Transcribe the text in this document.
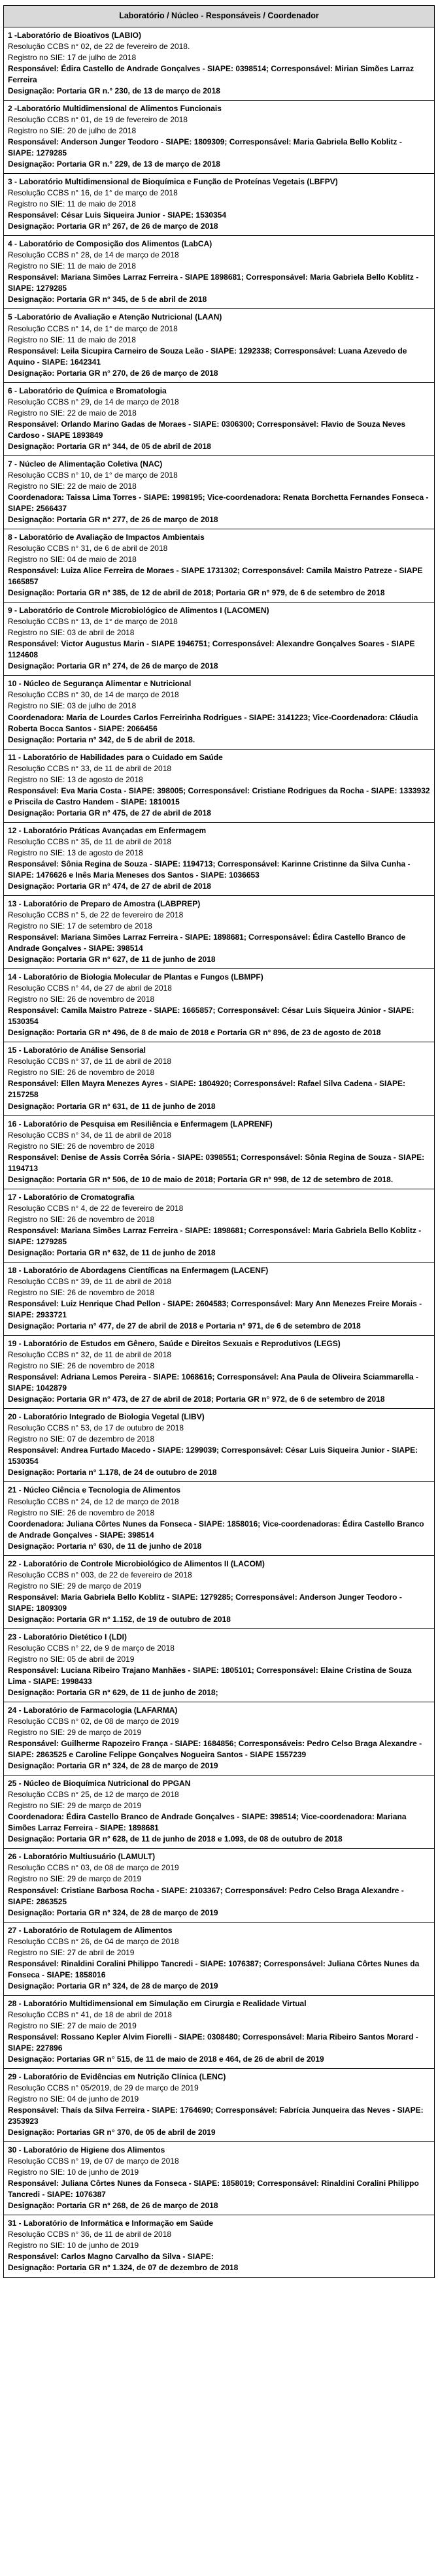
Laboratório / Núcleo - Responsáveis / Coordenador
1 -Laboratório de Bioativos (LABIO)
Resolução CCBS n° 02, de 22 de fevereiro de 2018.
Registro no SIE: 17 de julho de 2018
Responsável: Édira Castello de Andrade Gonçalves - SIAPE: 0398514; Corresponsável: Mirian Simões Larraz Ferreira
Designação: Portaria GR n.° 230, de 13 de março de 2018
2 -Laboratório Multidimensional de Alimentos Funcionais
Resolução CCBS n° 01, de 19 de fevereiro de 2018
Registro no SIE: 20 de julho de 2018
Responsável: Anderson Junger Teodoro - SIAPE: 1809309; Corresponsável: Maria Gabriela Bello Koblitz - SIAPE: 1279285
Designação: Portaria GR n.° 229, de 13 de março de 2018
3 - Laboratório Multidimensional de Bioquímica e Função de Proteínas Vegetais (LBFPV)
Resolução CCBS n° 16, de 1° de março de 2018
Registro no SIE: 11 de maio de 2018
Responsável: César Luis Siqueira Junior - SIAPE: 1530354
Designação: Portaria GR n° 267, de 26 de março de 2018
4 - Laboratório de Composição dos Alimentos (LabCA)
Resolução CCBS n° 28, de 14 de março de 2018
Registro no SIE: 11 de maio de 2018
Responsável: Mariana Simões Larraz Ferreira - SIAPE 1898681; Corresponsável: Maria Gabriela Bello Koblitz - SIAPE: 1279285
Designação: Portaria GR n° 345, de 5 de abril de 2018
5 -Laboratório de Avaliação e Atenção Nutricional (LAAN)
Resolução CCBS n° 14, de 1° de março de 2018
Registro no SIE: 11 de maio de 2018
Responsável: Leila Sicupira Carneiro de Souza Leão - SIAPE: 1292338; Corresponsável: Luana Azevedo de Aquino - SIAPE: 1642341
Designação: Portaria GR n° 270, de 26 de março de 2018
6 - Laboratório de Química e Bromatologia
Resolução CCBS n° 29, de 14 de março de 2018
Registro no SIE: 22 de maio de 2018
Responsável: Orlando Marino Gadas de Moraes - SIAPE: 0306300; Corresponsável: Flavio de Souza Neves Cardoso - SIAPE 1893849
Designação: Portaria GR n° 344, de 05 de abril de 2018
7 - Núcleo de Alimentação Coletiva (NAC)
Resolução CCBS n° 10, de 1° de março de 2018
Registro no SIE: 22 de maio de 2018
Coordenadora: Taissa Lima Torres - SIAPE: 1998195; Vice-coordenadora: Renata Borchetta Fernandes Fonseca - SIAPE: 2566437
Designação: Portaria GR n° 277, de 26 de março de 2018
8 - Laboratório de Avaliação de Impactos Ambientais
Resolução CCBS n° 31, de 6 de abril de 2018
Registro no SIE: 04 de maio de 2018
Responsável: Luiza Alice Ferreira de Moraes - SIAPE 1731302; Corresponsável: Camila Maistro Patreze - SIAPE 1665857
Designação: Portaria GR n° 385, de 12 de abril de 2018; Portaria GR n° 979, de 6 de setembro de 2018
9 - Laboratório de Controle Microbiológico de Alimentos I (LACOMEN)
Resolução CCBS n° 13, de 1° de março de 2018
Registro no SIE: 03 de abril de 2018
Responsável: Victor Augustus Marin - SIAPE 1946751; Corresponsável: Alexandre Gonçalves Soares - SIAPE 1124608
Designação: Portaria GR n° 274, de 26 de março de 2018
10 - Núcleo de Segurança Alimentar e Nutricional
Resolução CCBS n° 30, de 14 de março de 2018
Registro no SIE: 03 de julho de 2018
Coordenadora: Maria de Lourdes Carlos Ferreirinha Rodrigues - SIAPE: 3141223; Vice-Coordenadora: Cláudia Roberta Bocca Santos - SIAPE: 2066456
Designação: Portaria n° 342, de 5 de abril de 2018.
11 - Laboratório de Habilidades para o Cuidado em Saúde
Resolução CCBS n° 33, de 11 de abril de 2018
Registro no SIE: 13 de agosto de 2018
Responsável: Eva Maria Costa - SIAPE: 398005; Corresponsável: Cristiane Rodrigues da Rocha - SIAPE: 1333932 e Priscila de Castro Handem - SIAPE: 1810015
Designação: Portaria GR n° 475, de 27 de abril de 2018
12 - Laboratório Práticas Avançadas em Enfermagem
Resolução CCBS n° 35, de 11 de abril de 2018
Registro no SIE: 13 de agosto de 2018
Responsável: Sônia Regina de Souza - SIAPE: 1194713; Corresponsável: Karinne Cristinne da Silva Cunha - SIAPE: 1476626 e Inês Maria Meneses dos Santos - SIAPE: 1036653
Designação: Portaria GR n° 474, de 27 de abril de 2018
13 - Laboratório de Preparo de Amostra (LABPREP)
Resolução CCBS n° 5, de 22 de fevereiro de 2018
Registro no SIE: 17 de setembro de 2018
Responsável: Mariana Simões Larraz Ferreira - SIAPE: 1898681; Corresponsável: Édira Castello Branco de Andrade Gonçalves - SIAPE: 398514
Designação: Portaria GR n° 627, de 11 de junho de 2018
14 - Laboratório de Biologia Molecular de Plantas e Fungos (LBMPF)
Resolução CCBS n° 44, de 27 de abril de 2018
Registro no SIE: 26 de novembro de 2018
Responsável: Camila Maistro Patreze - SIAPE: 1665857; Corresponsável: César Luis Siqueira Júnior - SIAPE: 1530354
Designação: Portaria GR n° 496, de 8 de maio de 2018 e Portaria GR n° 896, de 23 de agosto de 2018
15 - Laboratório de Análise Sensorial
Resolução CCBS n° 37, de 11 de abril de 2018
Registro no SIE: 26 de novembro de 2018
Responsável: Ellen Mayra Menezes Ayres - SIAPE: 1804920; Corresponsável: Rafael Silva Cadena - SIAPE: 2157258
Designação: Portaria GR n° 631, de 11 de junho de 2018
16 - Laboratório de Pesquisa em Resiliência e Enfermagem (LAPRENF)
Resolução CCBS n° 34, de 11 de abril de 2018
Registro no SIE: 26 de novembro de 2018
Responsável: Denise de Assis Corrêa Sória - SIAPE: 0398551; Corresponsável: Sônia Regina de Souza - SIAPE: 1194713
Designação: Portaria GR n° 506, de 10 de maio de 2018; Portaria GR n° 998, de 12 de setembro de 2018.
17 - Laboratório de Cromatografia
Resolução CCBS n° 4, de 22 de fevereiro de 2018
Registro no SIE: 26 de novembro de 2018
Responsável: Mariana Simões Larraz Ferreira - SIAPE: 1898681; Corresponsável: Maria Gabriela Bello Koblitz - SIAPE: 1279285
Designação: Portaria GR n° 632, de 11 de junho de 2018
18 - Laboratório de Abordagens Científicas na Enfermagem (LACENF)
Resolução CCBS n° 39, de 11 de abril de 2018
Registro no SIE: 26 de novembro de 2018
Responsável: Luiz Henrique Chad Pellon - SIAPE: 2604583; Corresponsável: Mary Ann Menezes Freire Morais - SIAPE: 2933721
Designação: Portaria n° 477, de 27 de abril de 2018 e Portaria n° 971, de 6 de setembro de 2018
19 - Laboratório de Estudos em Gênero, Saúde e Direitos Sexuais e Reprodutivos (LEGS)
Resolução CCBS n° 32, de 11 de abril de 2018
Registro no SIE: 26 de novembro de 2018
Responsável: Adriana Lemos Pereira - SIAPE: 1068616; Corresponsável: Ana Paula de Oliveira Sciammarella - SIAPE: 1042879
Designação: Portaria GR n° 473, de 27 de abril de 2018; Portaria GR n° 972, de 6 de setembro de 2018
20 - Laboratório Integrado de Biologia Vegetal (LIBV)
Resolução CCBS n° 53, de 17 de outubro de 2018
Registro no SIE: 07 de dezembro de 2018
Responsável: Andrea Furtado Macedo - SIAPE: 1299039; Corresponsável: César Luis Siqueira Junior - SIAPE: 1530354
Designação: Portaria n° 1.178, de 24 de outubro de 2018
21 - Núcleo Ciência e Tecnologia de Alimentos
Resolução CCBS n° 24, de 12 de março de 2018
Registro no SIE: 26 de novembro de 2018
Coordenadora: Juliana Côrtes Nunes da Fonseca - SIAPE: 1858016; Vice-coordenadoras: Édira Castello Branco de Andrade Gonçalves - SIAPE: 398514
Designação: Portaria n° 630, de 11 de junho de 2018
22 - Laboratório de Controle Microbiológico de Alimentos II (LACOM)
Resolução CCBS n° 003, de 22 de fevereiro de 2018
Registro no SIE: 29 de março de 2019
Responsável: Maria Gabriela Bello Koblitz - SIAPE: 1279285; Corresponsável: Anderson Junger Teodoro - SIAPE: 1809309
Designação: Portaria GR n° 1.152, de 19 de outubro de 2018
23 - Laboratório Dietético I (LDI)
Resolução CCBS n° 22, de 9 de março de 2018
Registro no SIE: 05 de abril de 2019
Responsável: Luciana Ribeiro Trajano Manhães - SIAPE: 1805101; Corresponsável: Elaine Cristina de Souza Lima - SIAPE: 1998433
Designação: Portaria GR n° 629, de 11 de junho de 2018;
24 - Laboratório de Farmacologia (LAFARMA)
Resolução CCBS n° 02, de 08 de março de 2019
Registro no SIE: 29 de março de 2019
Responsável: Guilherme Rapozeiro França - SIAPE: 1684856; Corresponsáveis: Pedro Celso Braga Alexandre - SIAPE: 2863525 e Caroline Felippe Gonçalves Nogueira Santos - SIAPE 1557239
Designação: Portaria GR n° 324, de 28 de março de 2019
25 - Núcleo de Bioquímica Nutricional do PPGAN
Resolução CCBS n° 25, de 12 de março de 2018
Registro no SIE: 29 de março de 2019
Coordenadora: Édira Castello Branco de Andrade Gonçalves - SIAPE: 398514; Vice-coordenadora: Mariana Simões Larraz Ferreira - SIAPE: 1898681
Designação: Portaria GR n° 628, de 11 de junho de 2018 e 1.093, de 08 de outubro de 2018
26 - Laboratório Multiusuário (LAMULT)
Resolução CCBS n° 03, de 08 de março de 2019
Registro no SIE: 29 de março de 2019
Responsável: Cristiane Barbosa Rocha - SIAPE: 2103367; Corresponsável: Pedro Celso Braga Alexandre - SIAPE: 2863525
Designação: Portaria GR n° 324, de 28 de março de 2019
27 - Laboratório de Rotulagem de Alimentos
Resolução CCBS n° 26, de 04 de março de 2018
Registro no SIE: 27 de abril de 2019
Responsável: Rinaldini Coralini Philippo Tancredi - SIAPE: 1076387; Corresponsável: Juliana Côrtes Nunes da Fonseca - SIAPE: 1858016
Designação: Portaria GR n° 324, de 28 de março de 2019
28 - Laboratório Multidimensional em Simulação em Cirurgia e Realidade Virtual
Resolução CCBS n° 41, de 18 de abril de 2018
Registro no SIE: 27 de maio de 2019
Responsável: Rossano Kepler Alvim Fiorelli - SIAPE: 0308480; Corresponsável: Maria Ribeiro Santos Morard - SIAPE: 227896
Designação: Portarias GR n° 515, de 11 de maio de 2018 e 464, de 26 de abril de 2019
29 - Laboratório de Evidências em Nutrição Clínica (LENC)
Resolução CCBS n° 05/2019, de 29 de março de 2019
Registro no SIE: 04 de junho de 2019
Responsável: Thaís da Silva Ferreira - SIAPE: 1764690; Corresponsável: Fabrícia Junqueira das Neves - SIAPE: 2353923
Designação: Portarias GR n° 370, de 05 de abril de 2019
30 - Laboratório de Higiene dos Alimentos
Resolução CCBS n° 19, de 07 de março de 2018
Registro no SIE: 10 de junho de 2019
Responsável: Juliana Côrtes Nunes da Fonseca - SIAPE: 1858019; Corresponsável: Rinaldini Coralini Philippo Tancredi - SIAPE: 1076387
Designação: Portaria GR n° 268, de 26 de março de 2018
31 - Laboratório de Informática e Informação em Saúde
Resolução CCBS n° 36, de 11 de abril de 2018
Registro no SIE: 10 de junho de 2019
Responsável: Carlos Magno Carvalho da Silva - SIAPE:
Designação: Portaria GR n° 1.324, de 07 de dezembro de 2018
